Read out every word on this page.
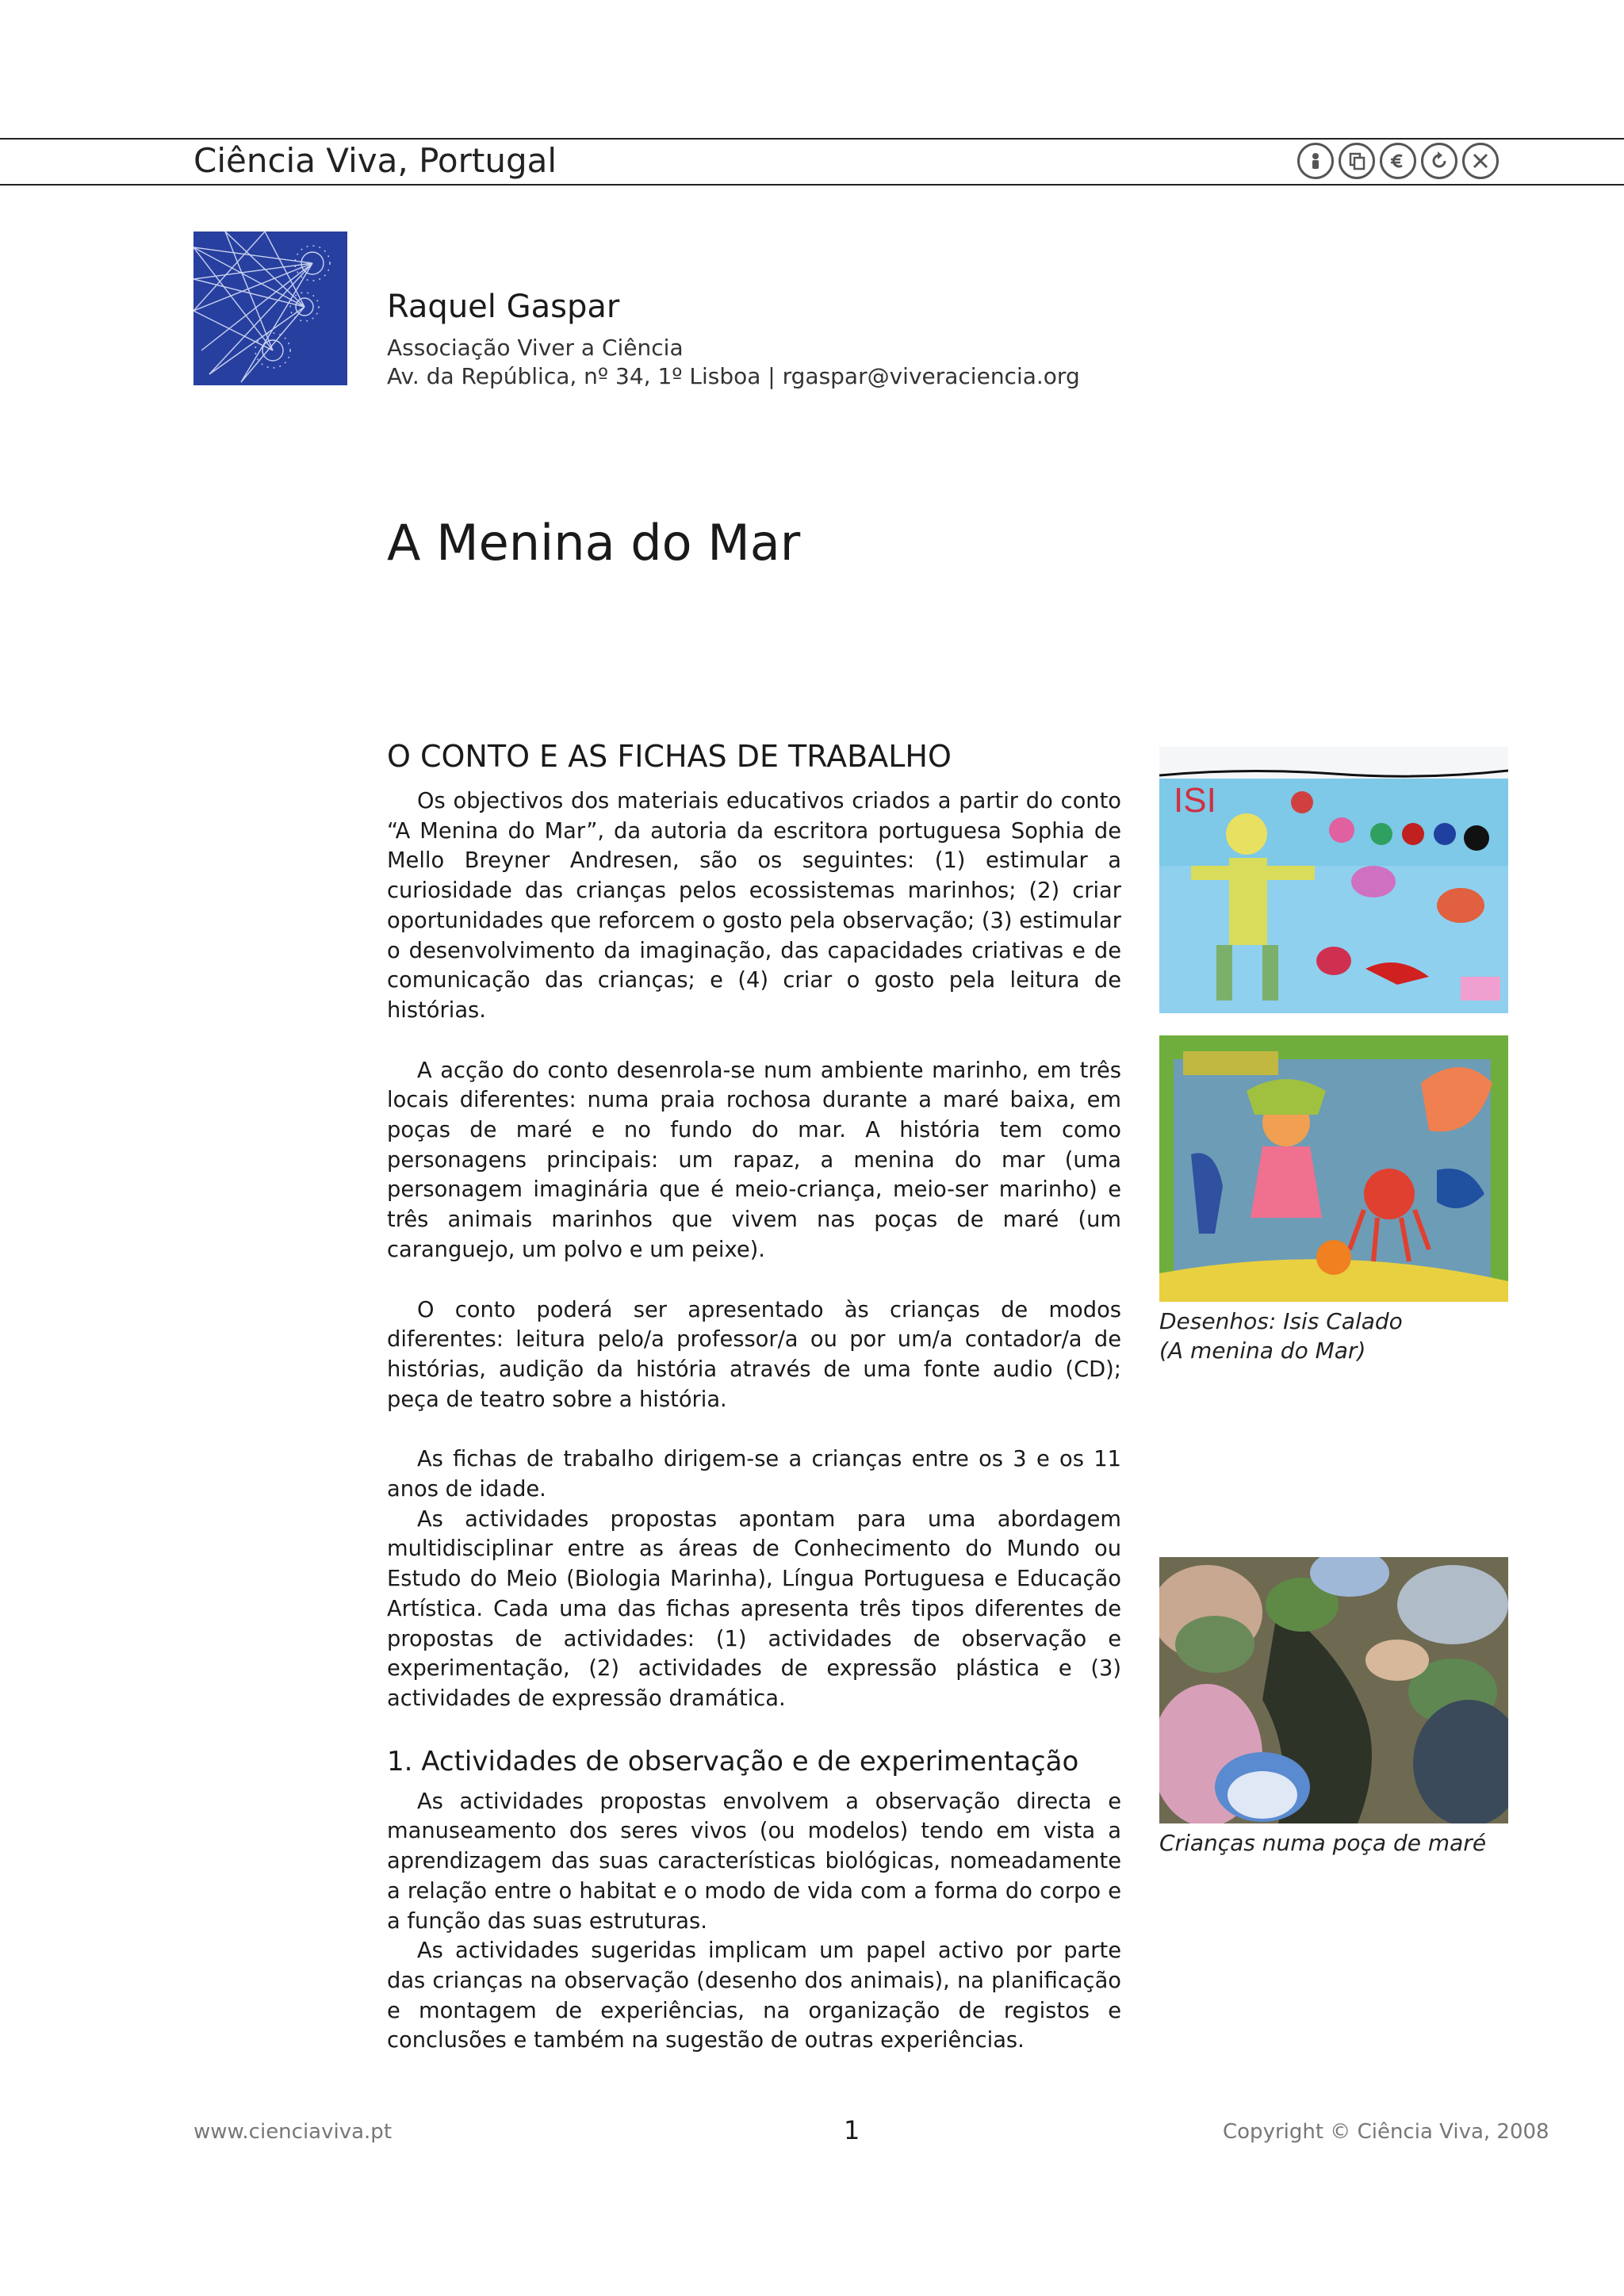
Ciência Viva, Portugal
Raquel Gaspar
Associação Viver a Ciência
Av. da República, nº 34, 1º Lisboa | rgaspar@viveraciencia.org
A Menina do Mar
O CONTO E AS FICHAS DE TRABALHO

Os objectivos dos materiais educativos criados a partir do conto “A Menina do Mar”, da autoria da escritora portuguesa Sophia de Mello Breyner Andresen, são os seguintes: (1) estimular a curiosidade das crianças pelos ecossistemas marinhos; (2) criar oportunidades que reforcem o gosto pela observação; (3) estimular o desenvolvimento da imaginação, das capacidades criativas e de comunicação das crianças; e (4) criar o gosto pela leitura de histórias.

A acção do conto desenrola-se num ambiente marinho, em três locais diferentes: numa praia rochosa durante a maré baixa, em poças de maré e no fundo do mar. A história tem como personagens principais: um rapaz, a menina do mar (uma personagem imaginária que é meio-criança, meio-ser marinho) e três animais marinhos que vivem nas poças de maré (um caranguejo, um polvo e um peixe).

O conto poderá ser apresentado às crianças de modos diferentes: leitura pelo/a professor/a ou por um/a contador/a de histórias, audição da história através de uma fonte audio (CD); peça de teatro sobre a história.

As fichas de trabalho dirigem-se a crianças entre os 3 e os 11 anos de idade.

As actividades propostas apontam para uma abordagem multidisciplinar entre as áreas de Conhecimento do Mundo ou Estudo do Meio (Biologia Marinha), Língua Portuguesa e Educação Artística. Cada uma das fichas apresenta três tipos diferentes de propostas de actividades: (1) actividades de observação e experimentação, (2) actividades de expressão plástica e (3) actividades de expressão dramática.

1. Actividades de observação e de experimentação

As actividades propostas envolvem a observação directa e manuseamento dos seres vivos (ou modelos) tendo em vista a aprendizagem das suas características biológicas, nomeadamente a relação entre o habitat e o modo de vida com a forma do corpo e a função das suas estruturas.

As actividades sugeridas implicam um papel activo por parte das crianças na observação (desenho dos animais), na planificação e montagem de experiências, na organização de registos e conclusões e também na sugestão de outras experiências.

ISI
Desenhos: Isis Calado
(A menina do Mar)
Crianças numa poça de maré
www.cienciaviva.pt	1	Copyright © Ciência Viva, 2008
